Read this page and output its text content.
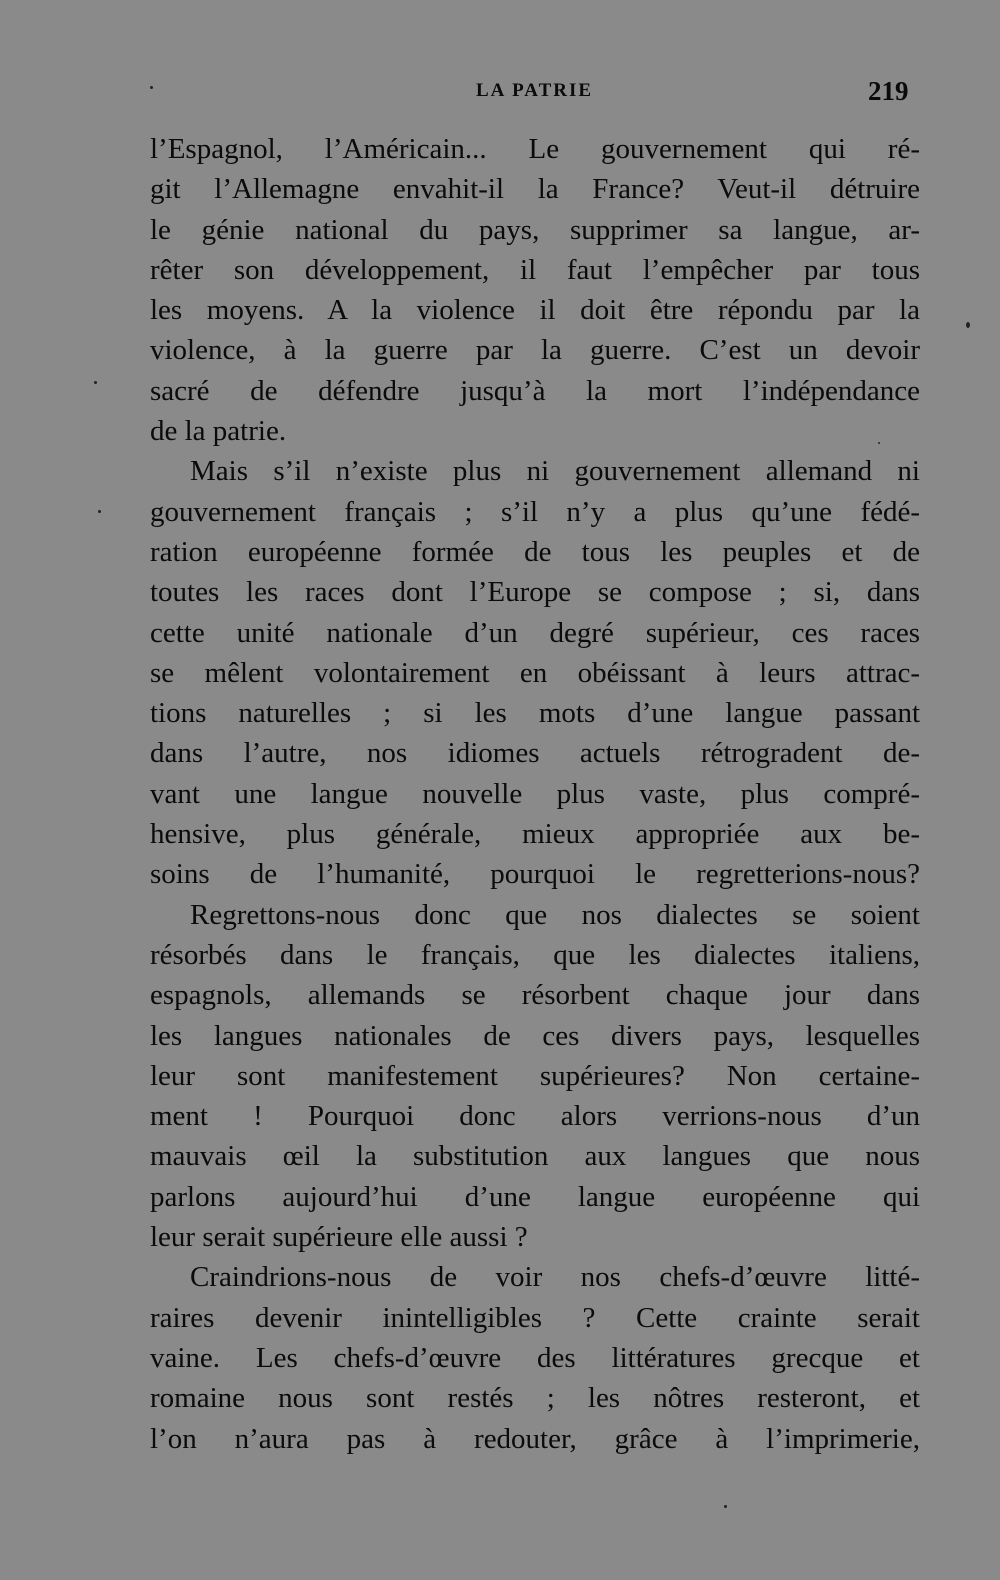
LA PATRIE	219
l’Espagnol, l’Américain... Le gouvernement qui ré-
git l’Allemagne envahit-il la France? Veut-il détruire
le génie national du pays, supprimer sa langue, ar-
rêter son développement, il faut l’empêcher par tous
les moyens. A la violence il doit être répondu par la
violence, à la guerre par la guerre. C’est un devoir
sacré de défendre jusqu’à la mort l’indépendance
de la patrie.
Mais s’il n’existe plus ni gouvernement allemand ni
gouvernement français ; s’il n’y a plus qu’une fédé-
ration européenne formée de tous les peuples et de
toutes les races dont l’Europe se compose ; si, dans
cette unité nationale d’un degré supérieur, ces races
se mêlent volontairement en obéissant à leurs attrac-
tions naturelles ; si les mots d’une langue passant
dans l’autre, nos idiomes actuels rétrogradent de-
vant une langue nouvelle plus vaste, plus compré-
hensive, plus générale, mieux appropriée aux be-
soins de l’humanité, pourquoi le regretterions-nous?
Regrettons-nous donc que nos dialectes se soient
résorbés dans le français, que les dialectes italiens,
espagnols, allemands se résorbent chaque jour dans
les langues nationales de ces divers pays, lesquelles
leur sont manifestement supérieures? Non certaine-
ment ! Pourquoi donc alors verrions-nous d’un
mauvais œil la substitution aux langues que nous
parlons aujourd’hui d’une langue européenne qui
leur serait supérieure elle aussi ?
Craindrions-nous de voir nos chefs-d’œuvre litté-
raires devenir inintelligibles ? Cette crainte serait
vaine. Les chefs-d’œuvre des littératures grecque et
romaine nous sont restés ; les nôtres resteront, et
l’on n’aura pas à redouter, grâce à l’imprimerie,
